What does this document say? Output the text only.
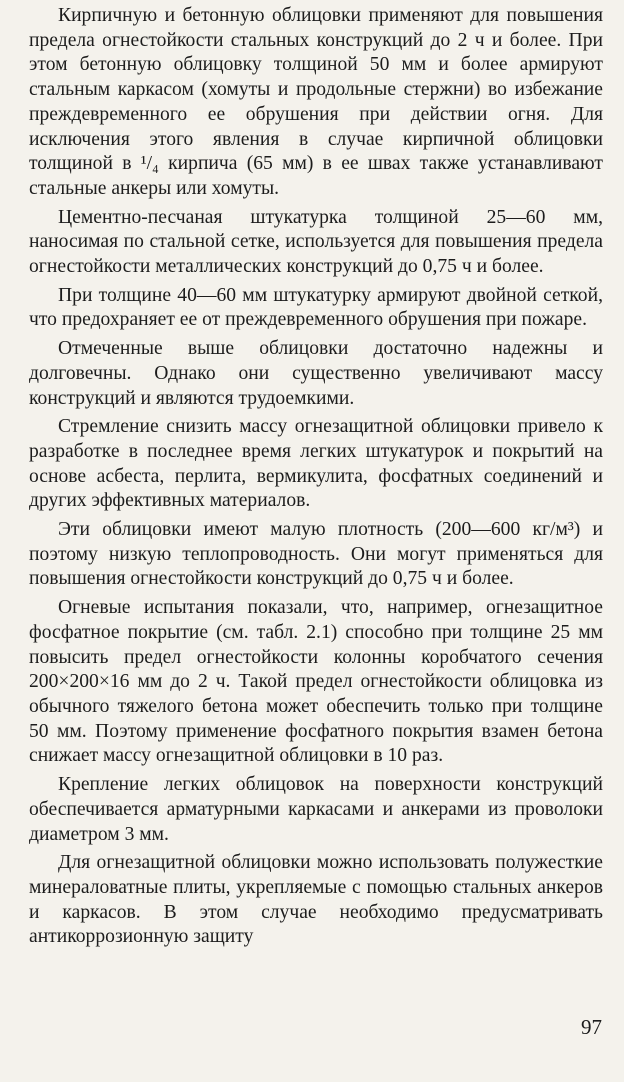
Кирпичную и бетонную облицовки применяют для повышения предела огнестойкости стальных конструкций до 2 ч и более. При этом бетонную облицовку толщиной 50 мм и более армируют стальным каркасом (хомуты и продольные стержни) во избежание преждевременного ее обрушения при действии огня. Для исключения этого явления в случае кирпичной облицовки толщиной в ¹/₄ кирпича (65 мм) в ее швах также устанавливают стальные анкеры или хомуты.

Цементно-песчаная штукатурка толщиной 25—60 мм, наносимая по стальной сетке, используется для повышения предела огнестойкости металлических конструкций до 0,75 ч и более.

При толщине 40—60 мм штукатурку армируют двойной сеткой, что предохраняет ее от преждевременного обрушения при пожаре.

Отмеченные выше облицовки достаточно надежны и долговечны. Однако они существенно увеличивают массу конструкций и являются трудоемкими.

Стремление снизить массу огнезащитной облицовки привело к разработке в последнее время легких штукатурок и покрытий на основе асбеста, перлита, вермикулита, фосфатных соединений и других эффективных материалов.

Эти облицовки имеют малую плотность (200—600 кг/м³) и поэтому низкую теплопроводность. Они могут применяться для повышения огнестойкости конструкций до 0,75 ч и более.

Огневые испытания показали, что, например, огнезащитное фосфатное покрытие (см. табл. 2.1) способно при толщине 25 мм повысить предел огнестойкости колонны коробчатого сечения 200×200×16 мм до 2 ч. Такой предел огнестойкости облицовка из обычного тяжелого бетона может обеспечить только при толщине 50 мм. Поэтому применение фосфатного покрытия взамен бетона снижает массу огнезащитной облицовки в 10 раз.

Крепление легких облицовок на поверхности конструкций обеспечивается арматурными каркасами и анкерами из проволоки диаметром 3 мм.

Для огнезащитной облицовки можно использовать полужесткие минераловатные плиты, укрепляемые с помощью стальных анкеров и каркасов. В этом случае необходимо предусматривать антикоррозионную защиту

97
